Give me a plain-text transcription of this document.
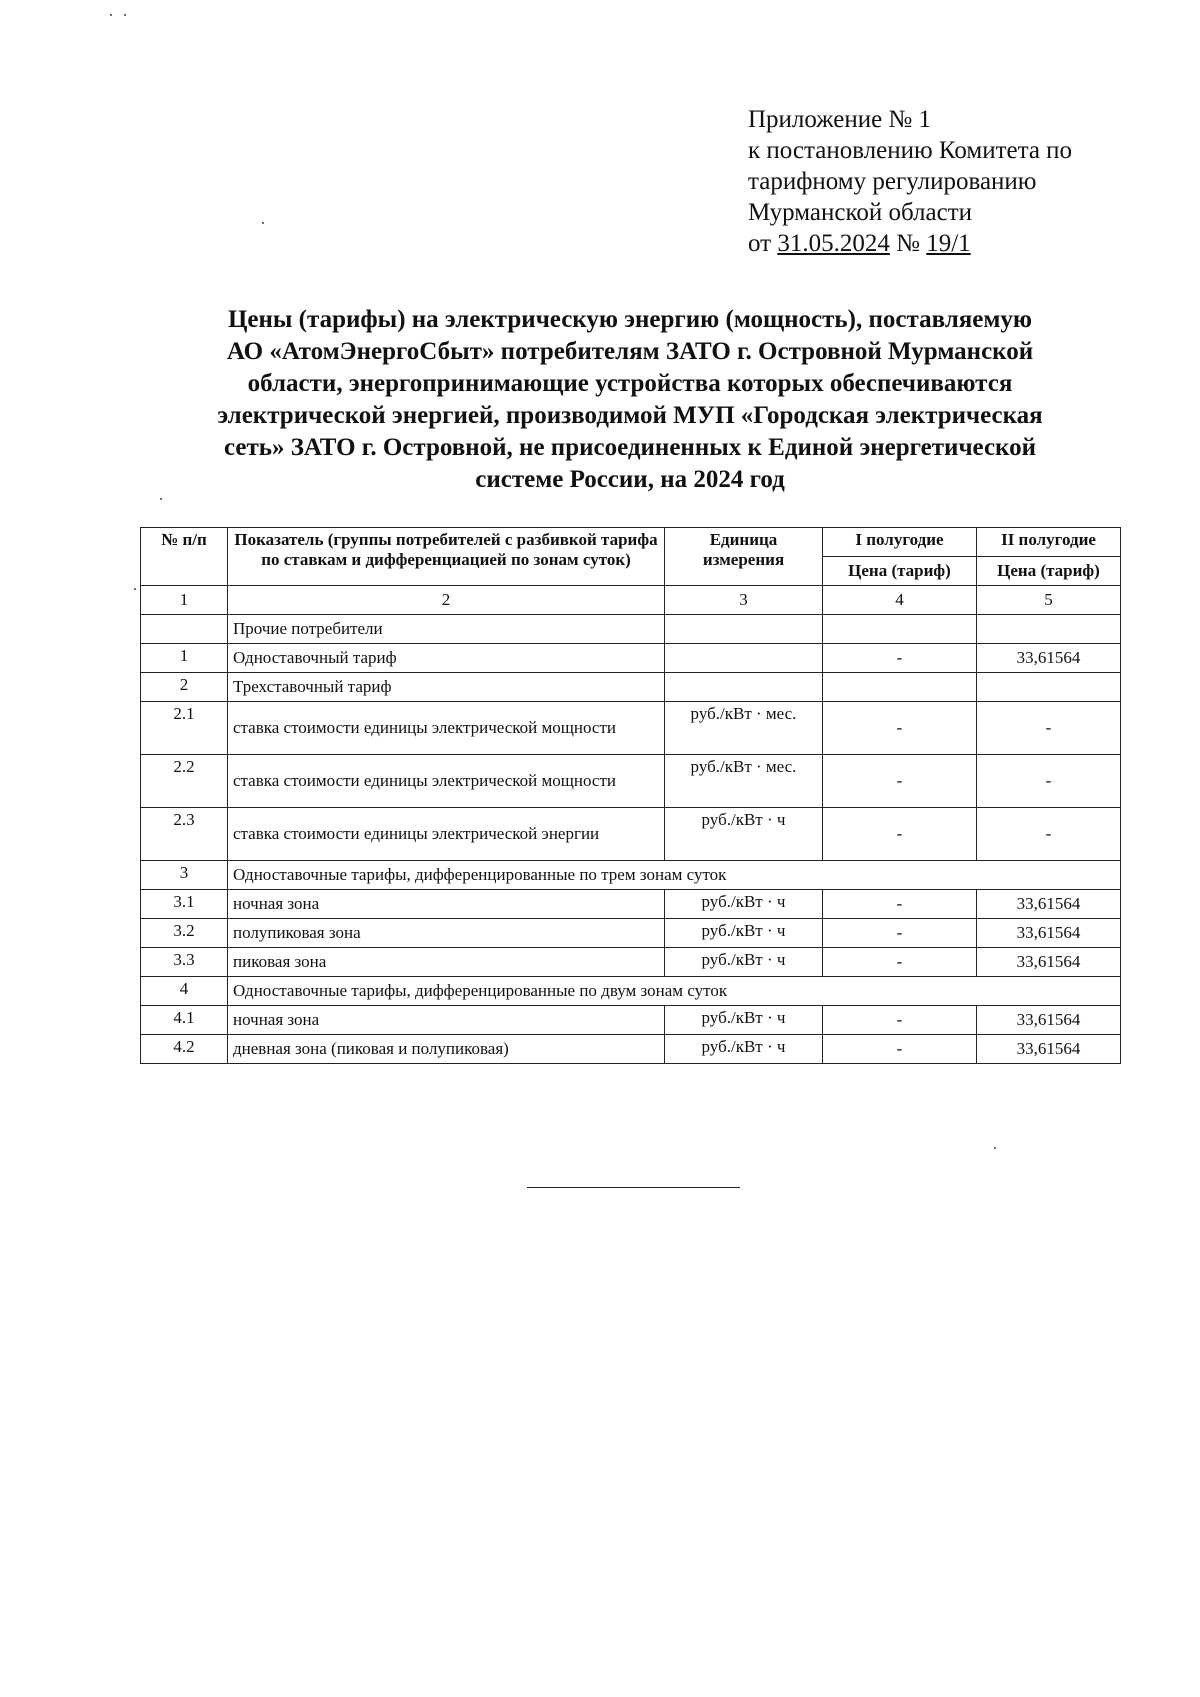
Приложение № 1
к постановлению Комитета по
тарифному регулированию
Мурманской области
от 31.05.2024 № 19/1
Цены (тарифы) на электрическую энергию (мощность), поставляемую
АО «АтомЭнергоСбыт» потребителям ЗАТО г. Островной Мурманской
области, энергопринимающие устройства которых обеспечиваются
электрической энергией, производимой МУП «Городская электрическая
сеть» ЗАТО г. Островной, не присоединенных к Единой энергетической
системе России, на 2024 год
№ п/п	Показатель (группы потребителей с разбивкой тарифа по ставкам и дифференциацией по зонам суток)	Единица измерения	I полугодие	II полугодие
			Цена (тариф)	Цена (тариф)
1	2	3	4	5
	Прочие потребители			
1	Одноставочный тариф		-	33,61564
2	Трехставочный тариф			
2.1	ставка стоимости единицы электрической мощности	руб./кВт · мес.	-	-
2.2	ставка стоимости единицы электрической мощности	руб./кВт · мес.	-	-
2.3	ставка стоимости единицы электрической энергии	руб./кВт · ч	-	-
3	Одноставочные тарифы, дифференцированные по трем зонам суток			
3.1	ночная зона	руб./кВт · ч	-	33,61564
3.2	полупиковая зона	руб./кВт · ч	-	33,61564
3.3	пиковая зона	руб./кВт · ч	-	33,61564
4	Одноставочные тарифы, дифференцированные по двум зонам суток			
4.1	ночная зона	руб./кВт · ч	-	33,61564
4.2	дневная зона (пиковая и полупиковая)	руб./кВт · ч	-	33,61564
